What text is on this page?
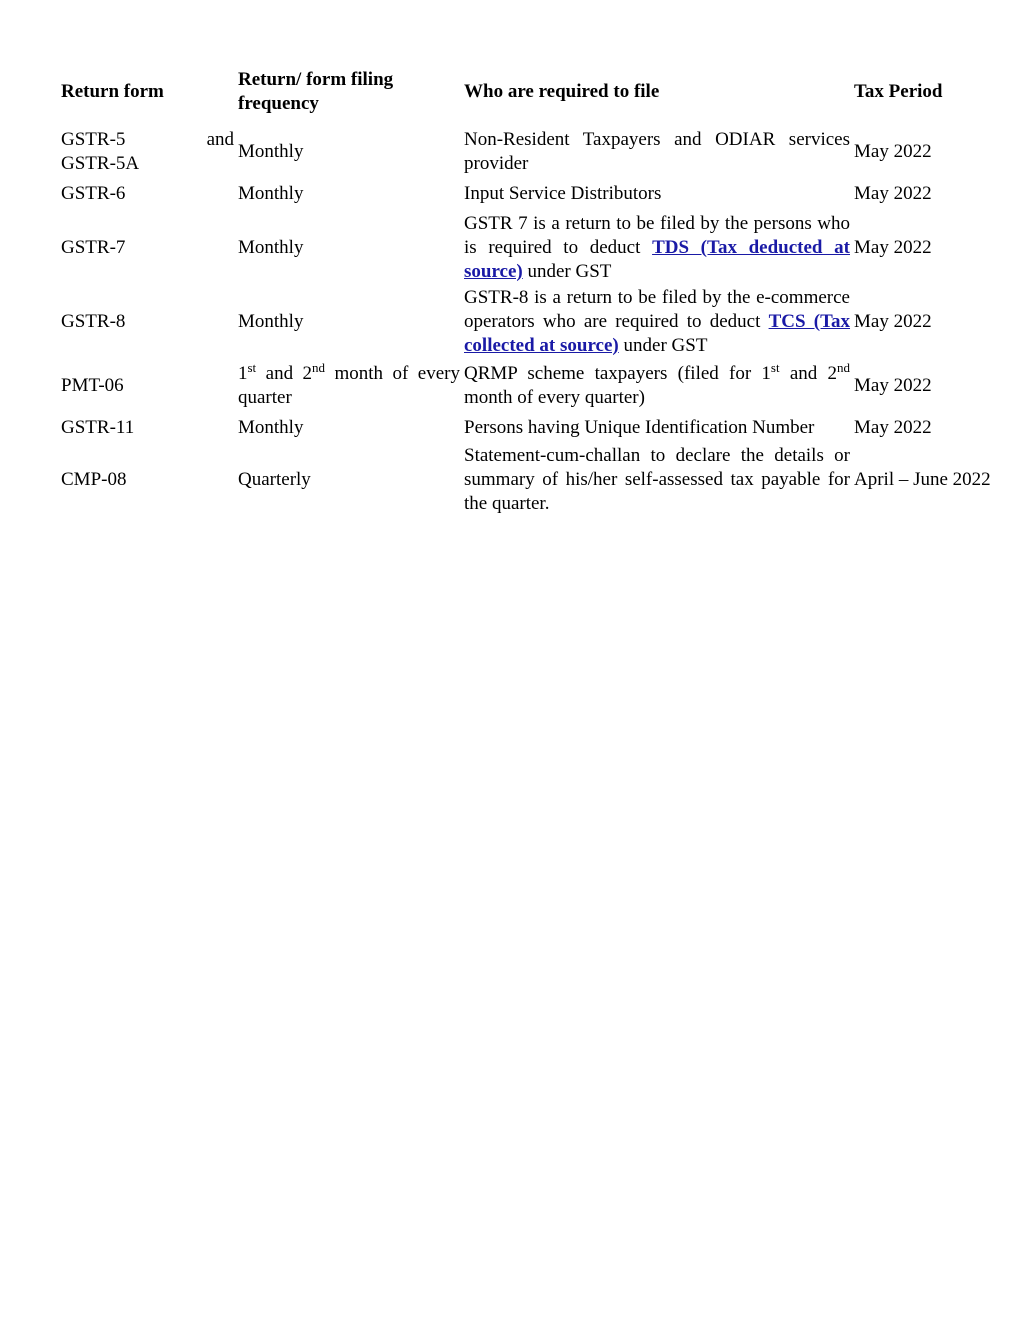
Return form	Return/ form filing frequency	Who are required to file	Tax Period

GSTR-5 and
GSTR-5A	Monthly	Non-Resident Taxpayers and ODIAR services provider	May 2022
GSTR-6	Monthly	Input Service Distributors	May 2022
GSTR-7	Monthly	GSTR 7 is a return to be filed by the persons who is required to deduct TDS (Tax deducted at source) under GST	May 2022
GSTR-8	Monthly	GSTR-8 is a return to be filed by the e-commerce operators who are required to deduct TCS (Tax collected at source) under GST	May 2022
PMT-06	1st and 2nd month of every quarter	QRMP scheme taxpayers (filed for 1st and 2nd month of every quarter)	May 2022
GSTR-11	Monthly	Persons having Unique Identification Number	May 2022
CMP-08	Quarterly	Statement-cum-challan to declare the details or summary of his/her self-assessed tax payable for the quarter.	April – June 2022
